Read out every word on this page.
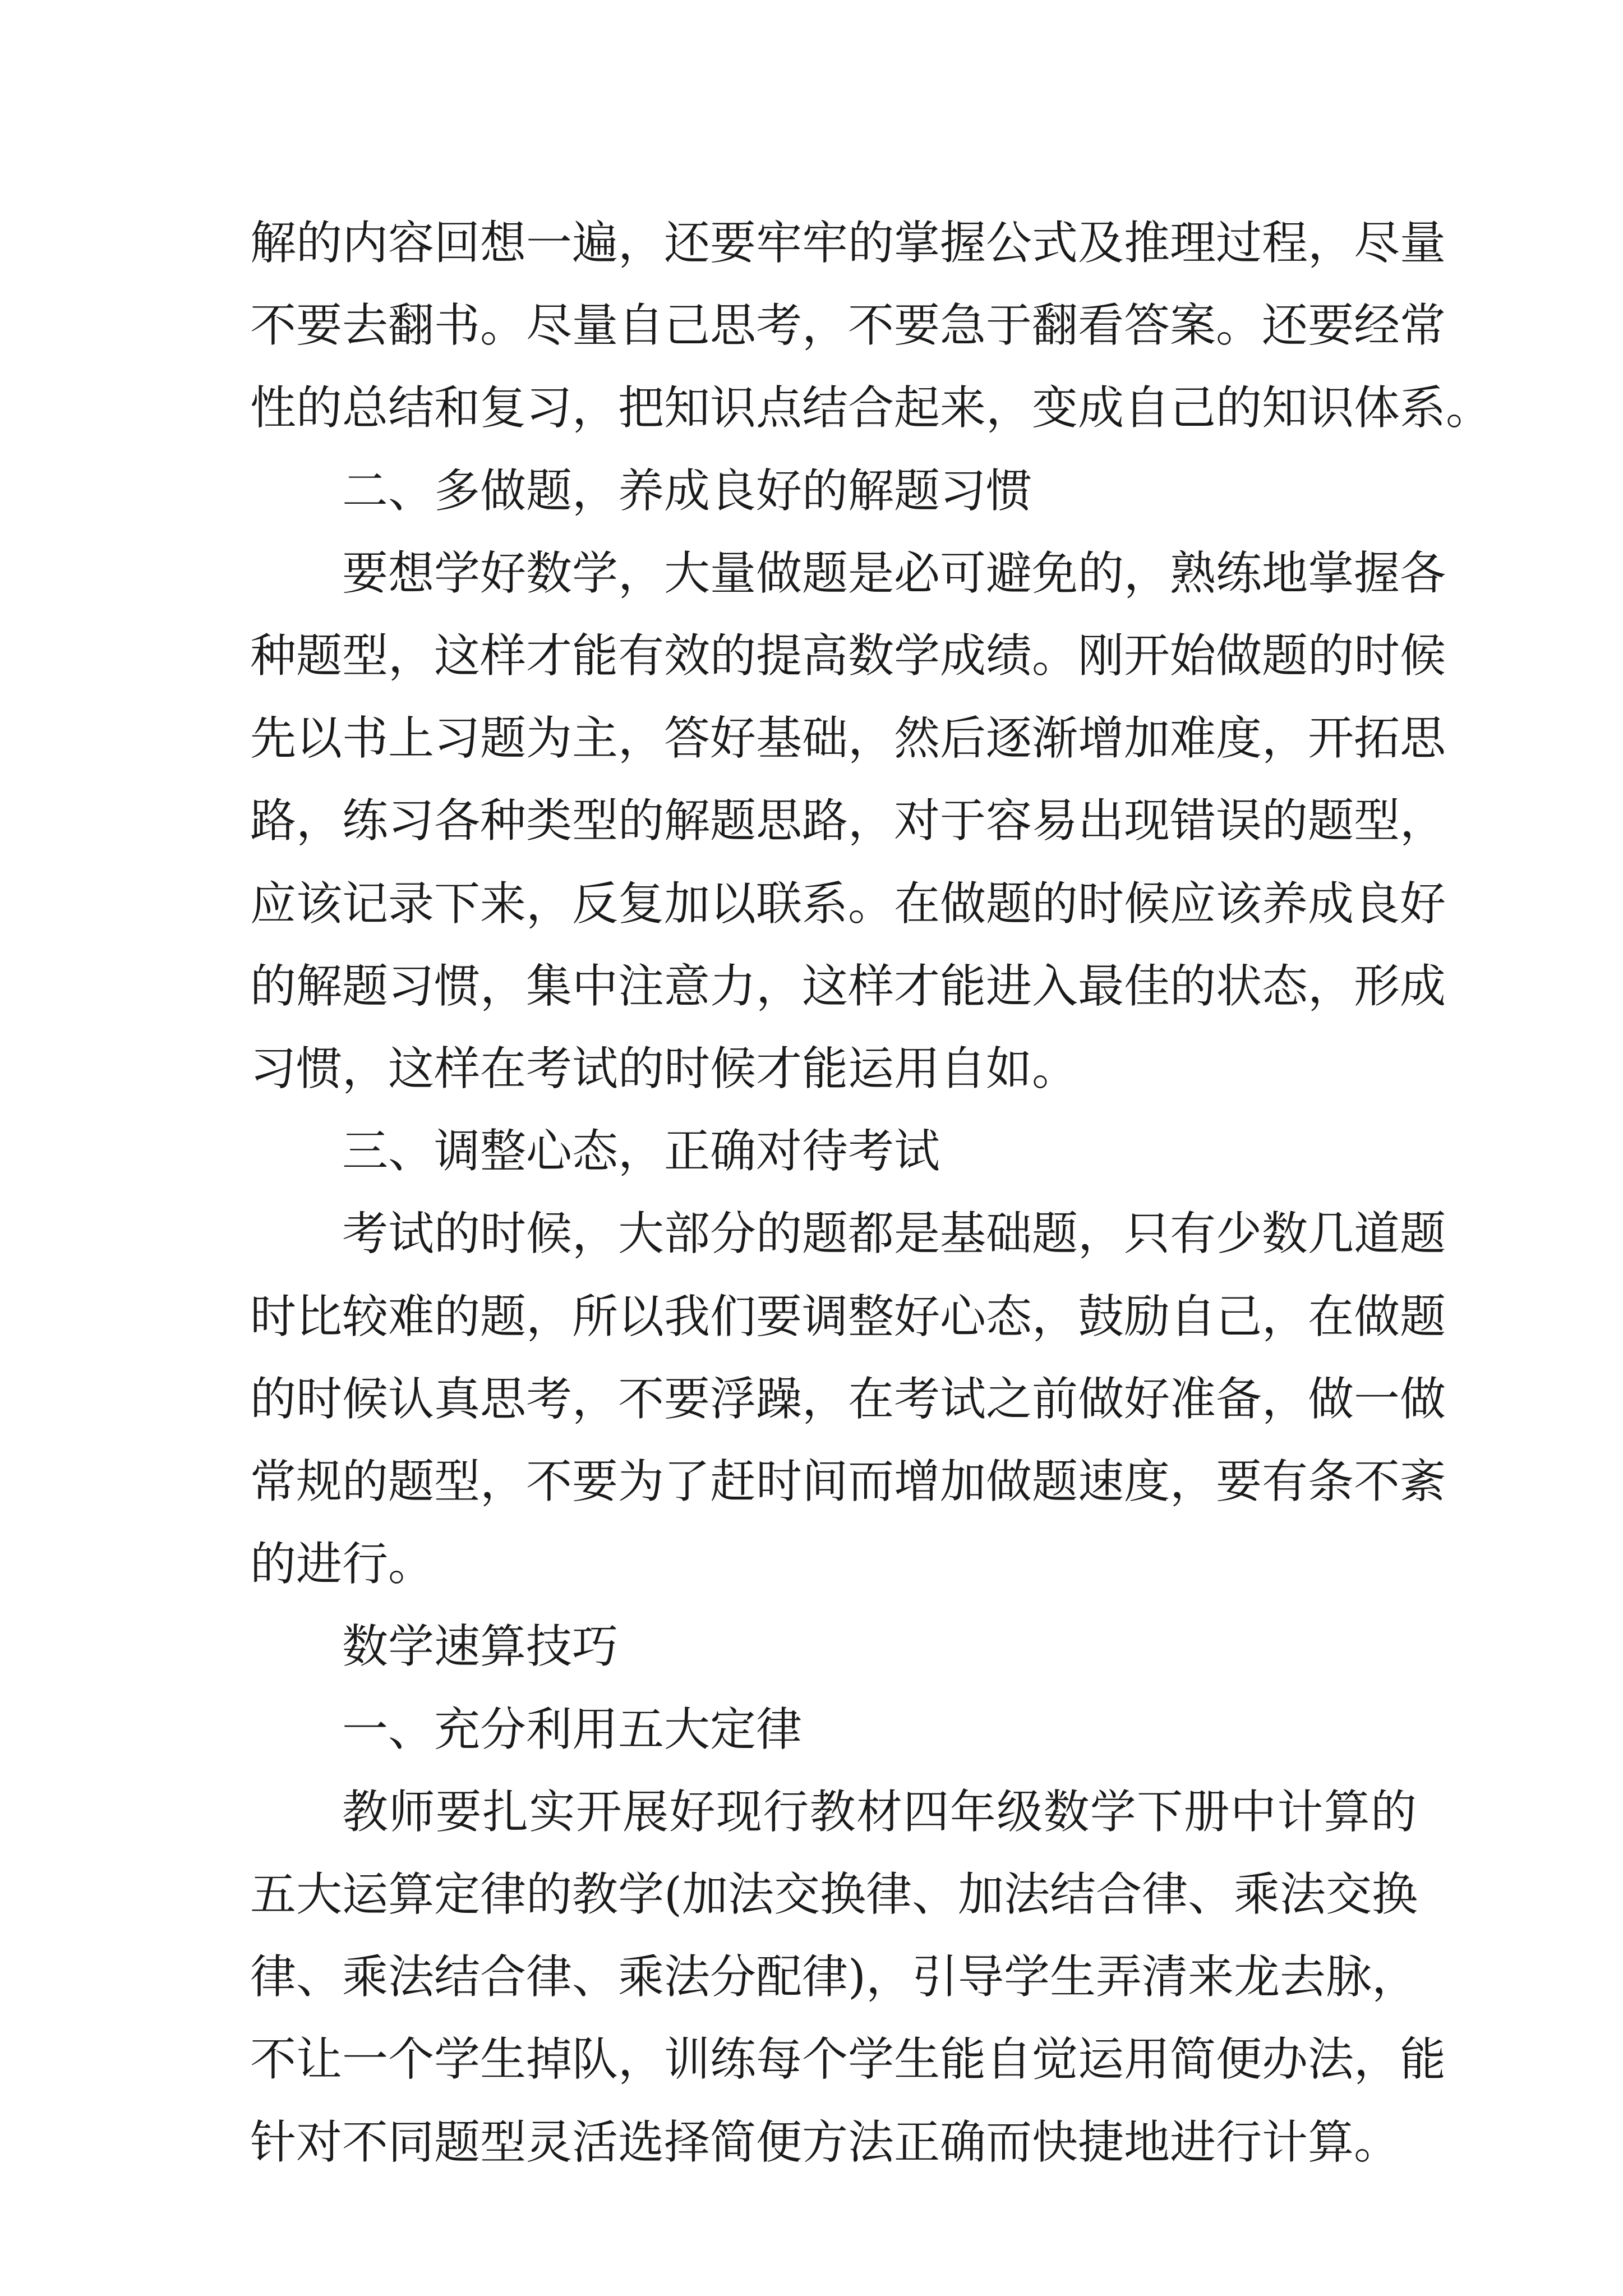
解的内容回想一遍，还要牢牢的掌握公式及推理过程，尽量
不要去翻书。尽量自己思考，不要急于翻看答案。还要经常
性的总结和复习，把知识点结合起来，变成自己的知识体系。
二、多做题，养成良好的解题习惯
要想学好数学，大量做题是必可避免的，熟练地掌握各
种题型，这样才能有效的提高数学成绩。刚开始做题的时候
先以书上习题为主，答好基础，然后逐渐增加难度，开拓思
路，练习各种类型的解题思路，对于容易出现错误的题型，
应该记录下来，反复加以联系。在做题的时候应该养成良好
的解题习惯，集中注意力，这样才能进入最佳的状态，形成
习惯，这样在考试的时候才能运用自如。
三、调整心态，正确对待考试
考试的时候，大部分的题都是基础题，只有少数几道题
时比较难的题，所以我们要调整好心态，鼓励自己，在做题
的时候认真思考，不要浮躁，在考试之前做好准备，做一做
常规的题型，不要为了赶时间而增加做题速度，要有条不紊
的进行。
数学速算技巧
一、充分利用五大定律
教师要扎实开展好现行教材四年级数学下册中计算的
五大运算定律的教学(加法交换律、加法结合律、乘法交换
律、乘法结合律、乘法分配律)，引导学生弄清来龙去脉，
不让一个学生掉队，训练每个学生能自觉运用简便办法，能
针对不同题型灵活选择简便方法正确而快捷地进行计算。
